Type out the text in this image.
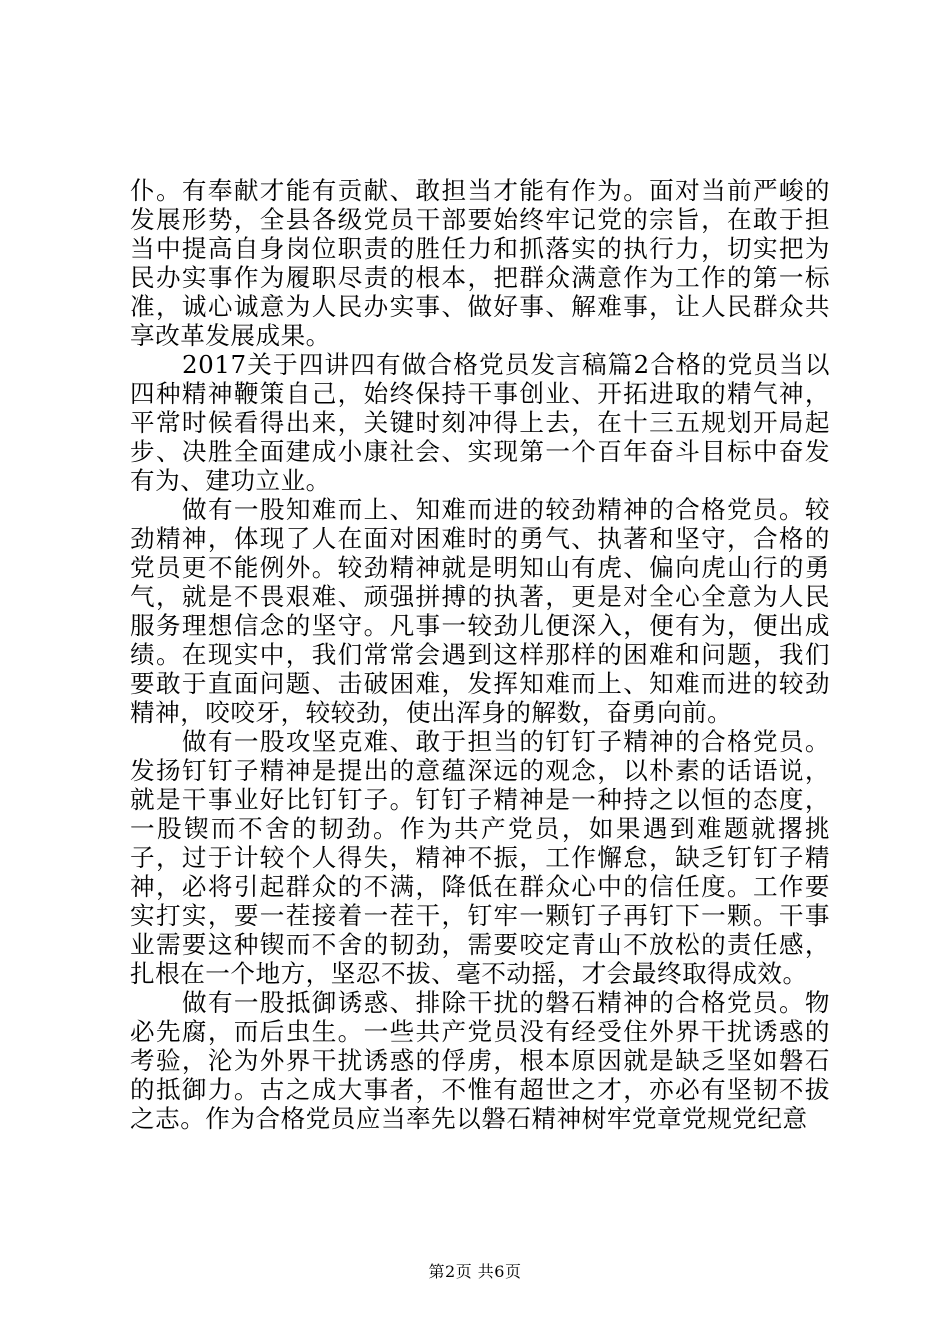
仆。有奉献才能有贡献、敢担当才能有作为。面对当前严峻的发展形势，全县各级党员干部要始终牢记党的宗旨，在敢于担当中提高自身岗位职责的胜任力和抓落实的执行力，切实把为民办实事作为履职尽责的根本，把群众满意作为工作的第一标准，诚心诚意为人民办实事、做好事、解难事，让人民群众共享改革发展成果。

2017关于四讲四有做合格党员发言稿篇2合格的党员当以四种精神鞭策自己，始终保持干事创业、开拓进取的精气神，平常时候看得出来，关键时刻冲得上去，在十三五规划开局起步、决胜全面建成小康社会、实现第一个百年奋斗目标中奋发有为、建功立业。

做有一股知难而上、知难而进的较劲精神的合格党员。较劲精神，体现了人在面对困难时的勇气、执著和坚守，合格的党员更不能例外。较劲精神就是明知山有虎、偏向虎山行的勇气，就是不畏艰难、顽强拼搏的执著，更是对全心全意为人民服务理想信念的坚守。凡事一较劲儿便深入，便有为，便出成绩。在现实中，我们常常会遇到这样那样的困难和问题，我们要敢于直面问题、击破困难，发挥知难而上、知难而进的较劲精神，咬咬牙，较较劲，使出浑身的解数，奋勇向前。

做有一股攻坚克难、敢于担当的钉钉子精神的合格党员。发扬钉钉子精神是提出的意蕴深远的观念，以朴素的话语说，就是干事业好比钉钉子。钉钉子精神是一种持之以恒的态度，一股锲而不舍的韧劲。作为共产党员，如果遇到难题就撂挑子，过于计较个人得失，精神不振，工作懈怠，缺乏钉钉子精神，必将引起群众的不满，降低在群众心中的信任度。工作要实打实，要一茬接着一茬干，钉牢一颗钉子再钉下一颗。干事业需要这种锲而不舍的韧劲，需要咬定青山不放松的责任感，扎根在一个地方，坚忍不拔、毫不动摇，才会最终取得成效。

做有一股抵御诱惑、排除干扰的磐石精神的合格党员。物必先腐，而后虫生。一些共产党员没有经受住外界干扰诱惑的考验，沦为外界干扰诱惑的俘虏，根本原因就是缺乏坚如磐石的抵御力。古之成大事者，不惟有超世之才，亦必有坚韧不拔之志。作为合格党员应当率先以磐石精神树牢党章党规党纪意

第2页 共6页
